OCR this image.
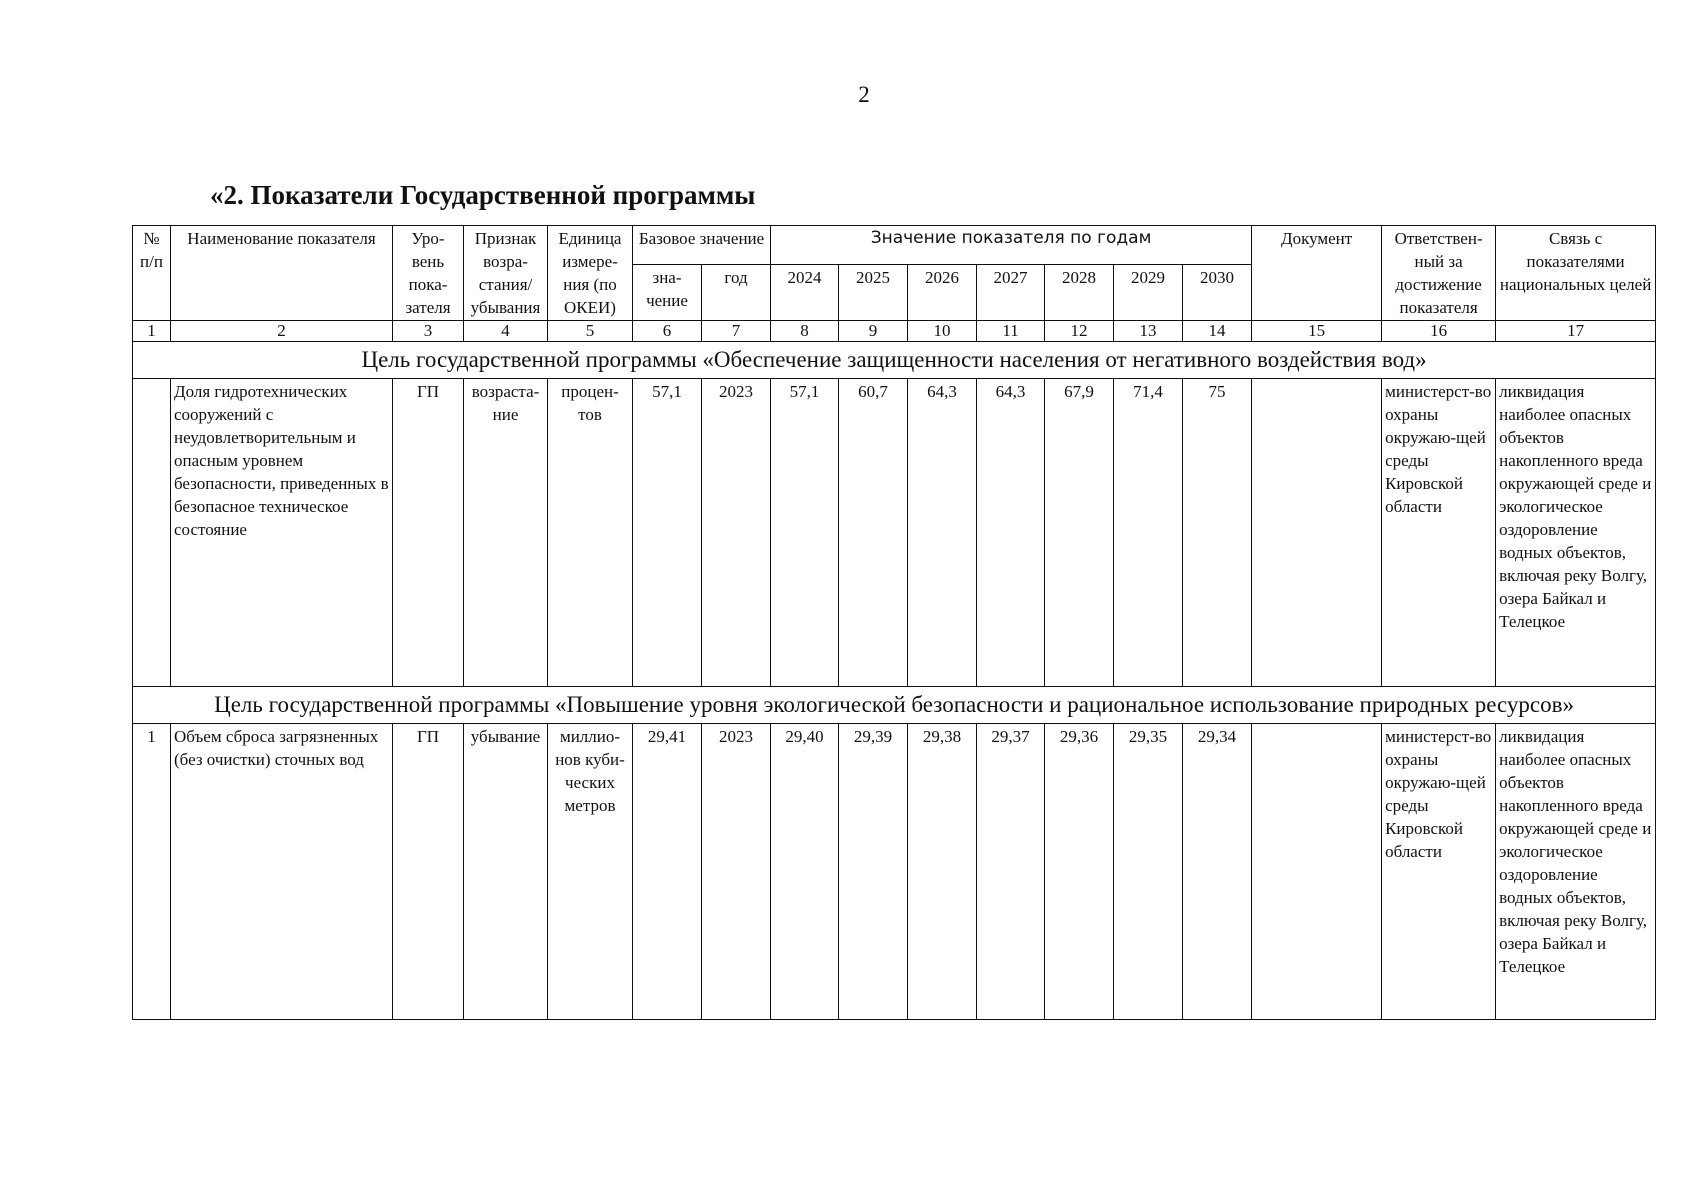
2
«2. Показатели Государственной программы
№ п/п	Наименование показателя	Уро-вень пока-зателя	Признак возра-стания/ убывания	Единица измере-ния (по ОКЕИ)	Базовое значение		Значение показателя по годам							Документ	Ответствен-ный за достижение показателя	Связь с показателями национальных целей
					зна-чение	год	2024	2025	2026	2027	2028	2029	2030			
1	2	3	4	5	6	7	8	9	10	11	12	13	14	15	16	17
Цель государственной программы «Обеспечение защищенности населения от негативного воздействия вод»																
	Доля гидротехнических сооружений с неудовлетворительным и опасным уровнем безопасности, приведенных в безопасное техническое состояние	ГП	возраста-ние	процен-тов	57,1	2023	57,1	60,7	64,3	64,3	67,9	71,4	75		министерст-во охраны окружаю-щей среды Кировской области	ликвидация наиболее опасных объектов накопленного вреда окружающей среде и экологическое оздоровление водных объектов, включая реку Волгу, озера Байкал и Телецкое
Цель государственной программы «Повышение уровня экологической безопасности и рациональное использование природных ресурсов»																
1	Объем сброса загрязненных (без очистки) сточных вод	ГП	убывание	миллио-нов куби-ческих метров	29,41	2023	29,40	29,39	29,38	29,37	29,36	29,35	29,34		министерст-во охраны окружаю-щей среды Кировской области	ликвидация наиболее опасных объектов накопленного вреда окружающей среде и экологическое оздоровление водных объектов, включая реку Волгу, озера Байкал и Телецкое
